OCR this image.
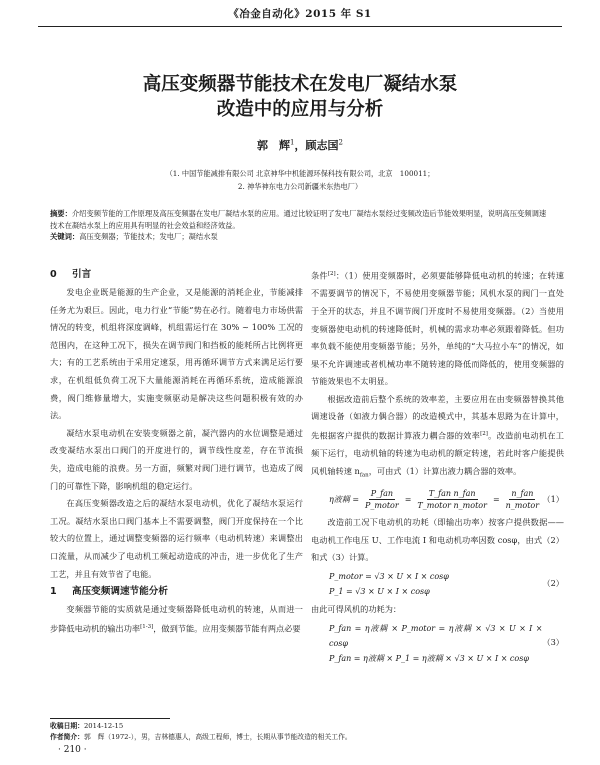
《冶金自动化》2015 年 S1
高压变频器节能技术在发电厂凝结水泵
改造中的应用与分析
郭　辉$^1$，顾志国$^2$
（1. 中国节能减排有限公司 北京神华中机能源环保科技有限公司，北京　100011；
2. 神华神东电力公司新疆米东热电厂）
摘要：介绍变频节能的工作原理及高压变频器在发电厂凝结水泵的应用。通过比较证明了发电厂凝结水泵经过变频改造后节能效果明显，说明高压变频调速技术在凝结水泵上的应用具有明显的社会效益和经济效益。
关键词：高压变频器；节能技术；发电厂；凝结水泵
0 引言

发电企业既是能源的生产企业，又是能源的消耗企业，节能减排任务尤为艰巨。因此，电力行业“节能”势在必行。随着电力市场供需情况的转变，机组将深度调峰，机组需运行在 30% ~ 100% 工况的范围内，在这种工况下，损失在调节阀门和挡板的能耗所占比例将更大；有的工艺系统由于采用定速泵，用再循环调节方式来满足运行要求，在机组低负荷工况下大量能源消耗在再循环系统，造成能源浪费，阀门维修量增大，实施变频驱动是解决这些问题积极有效的办法。

凝结水泵电动机在安装变频器之前，凝汽器内的水位调整是通过改变凝结水泵出口阀门的开度进行的，调节线性度差，存在节流损失，造成电能的浪费。另一方面，频繁对阀门进行调节，也造成了阀门的可靠性下降，影响机组的稳定运行。

在高压变频器改造之后的凝结水泵电动机，优化了凝结水泵运行工况。凝结水泵出口阀门基本上不需要调整，阀门开度保持在一个比较大的位置上，通过调整变频器的运行频率（电动机转速）来调整出口流量，从而减少了电动机工频起动造成的冲击，进一步优化了生产工艺，并且有效节省了电能。

1 高压变频调速节能分析

变频器节能的实质就是通过变频器降低电动机的转速，从而进一步降低电动机的输出功率[1-3]，做到节能。应用变频器节能有两点必要

条件[2]：（1）使用变频器时，必须要能够降低电动机的转速；在转速不需要调节的情况下，不易使用变频器节能；风机水泵的阀门一直处于全开的状态，并且不调节阀门开度时不易使用变频器。（2）当使用变频器使电动机的转速降低时，机械的需求功率必须跟着降低。但功率负载不能使用变频器节能；另外，单纯的“大马拉小车”的情况，如果不允许调速或者机械功率不随转速的降低而降低的，使用变频器的节能效果也不太明显。

根据改造前后整个系统的效率差，主要应用在由变频器替换其他调速设备（如液力偶合器）的改造模式中，其基本思路为在计算中，先根据客户提供的数据计算液力耦合器的效率[2]。改造前电动机在工频下运行，电动机轴的转速为电动机的额定转速，若此时客户能提供风机轴转速 $n_{fan}$，可由式（1）计算出液力耦合器的效率。

η液耦 = $\frac{\text{P\_fan}}{\text{P\_motor}} = \frac{\text{T\_fan n\_fan}}{\text{T\_motor n\_motor}} = \frac{\text{n\_fan}}{\text{n\_motor}} (1)$

改造前工况下电动机的功耗（即输出功率）按客户提供数据——电动机工作电压 U、工作电流 I 和电动机功率因数 cosφ，由式（2）和式（3）计算。

P_motor = √3 × U × I × cosφ
P_1 = √3 × U × I × cosφ
（2）

由此可得风机的功耗为：

P_fan = η液耦 × P_motor = η液耦 × √3 × U × I × cosφ
P_fan = η液耦 × P_1 = η液耦 × √3 × U × I × cosφ
（3）
收稿日期：2014-12-15
作者简介：郭　辉（1972-），男，吉林德惠人，高级工程师，博士，长期从事节能改造的相关工作。
· 210 ·
